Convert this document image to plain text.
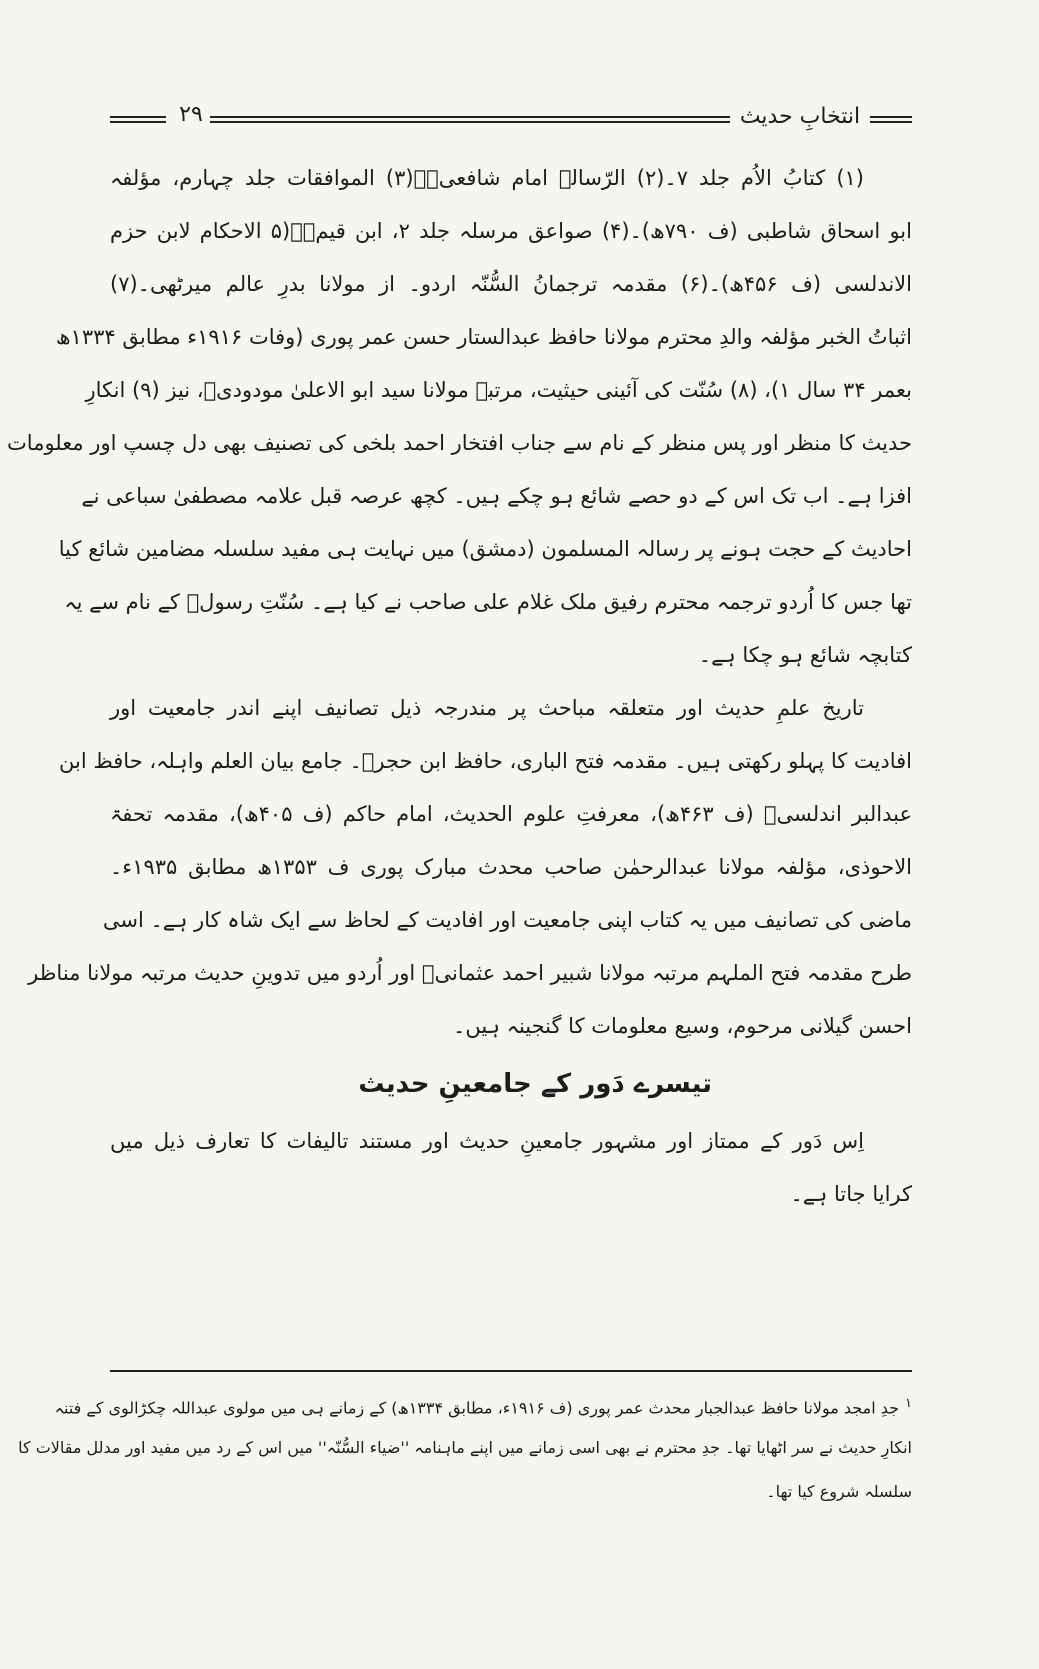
۲۹	انتخابِ حدیث
(۱) کتابُ الاُم جلد ۷۔(۲) الرّسالہ امام شافعیؒ۔(۳) الموافقات جلد چہارم، مؤلفہ
ابو اسحاق شاطبی (ف ۷۹۰ھ)۔(۴) صواعق مرسلہ جلد ۲، ابن قیمؒ۔(۵ الاحکام لابن حزم
الاندلسی (ف ۴۵۶ھ)۔(۶) مقدمہ ترجمانُ السُّنّہ اردو۔ از مولانا بدرِ عالم میرٹھی۔(۷)
اثباتُ الخبر مؤلفہ والدِ محترم مولانا حافظ عبدالستار حسن عمر پوری (وفات ۱۹۱۶ء مطابق ۱۳۳۴ھ
بعمر ۳۴ سال ۱)، (۸) سُنّت کی آئینی حیثیت، مرتبہ مولانا سید ابو الاعلیٰ مودودیؒ، نیز (۹) انکارِ
حدیث کا منظر اور پس منظر کے نام سے جناب افتخار احمد بلخی کی تصنیف بھی دل چسپ اور معلومات
افزا ہے۔ اب تک اس کے دو حصے شائع ہو چکے ہیں۔ کچھ عرصہ قبل علامہ مصطفیٰ سباعی نے
احادیث کے حجت ہونے پر رسالہ المسلمون (دمشق) میں نہایت ہی مفید سلسلہ مضامین شائع کیا
تھا جس کا اُردو ترجمہ محترم رفیق ملک غلام علی صاحب نے کیا ہے۔ سُنّتِ رسولؐ کے نام سے یہ
کتابچہ شائع ہو چکا ہے۔
تاریخ علمِ حدیث اور متعلقہ مباحث پر مندرجہ ذیل تصانیف اپنے اندر جامعیت اور
افادیت کا پہلو رکھتی ہیں۔ مقدمہ فتح الباری، حافظ ابن حجرؒ۔ جامع بیان العلم واہلہ، حافظ ابن
عبدالبر اندلسیؒ (ف ۴۶۳ھ)، معرفتِ علوم الحدیث، امام حاکم (ف ۴۰۵ھ)، مقدمہ تحفۃ
الاحوذی، مؤلفہ مولانا عبدالرحمٰن صاحب محدث مبارک پوری ف ۱۳۵۳ھ مطابق ۱۹۳۵ء۔
ماضی کی تصانیف میں یہ کتاب اپنی جامعیت اور افادیت کے لحاظ سے ایک شاہ کار ہے۔ اسی
طرح مقدمہ فتح الملہم مرتبہ مولانا شبیر احمد عثمانیؒ اور اُردو میں تدوینِ حدیث مرتبہ مولانا مناظر
احسن گیلانی مرحوم، وسیع معلومات کا گنجینہ ہیں۔
تیسرے دَور کے جامعینِ حدیث
اِس دَور کے ممتاز اور مشہور جامعینِ حدیث اور مستند تالیفات کا تعارف ذیل میں
کرایا جاتا ہے۔
$^۱$جدِ امجد مولانا حافظ عبدالجبار محدث عمر پوری (ف ۱۹۱۶ء، مطابق ۱۳۳۴ھ) کے زمانے ہی میں مولوی عبداللہ چکڑالوی کے فتنہ
انکارِ حدیث نے سر اٹھایا تھا۔ جدِ محترم نے بھی اسی زمانے میں اپنے ماہنامہ ''ضیاء السُّنّہ'' میں اس کے رد میں مفید اور مدلل مقالات کا
سلسلہ شروع کیا تھا۔
